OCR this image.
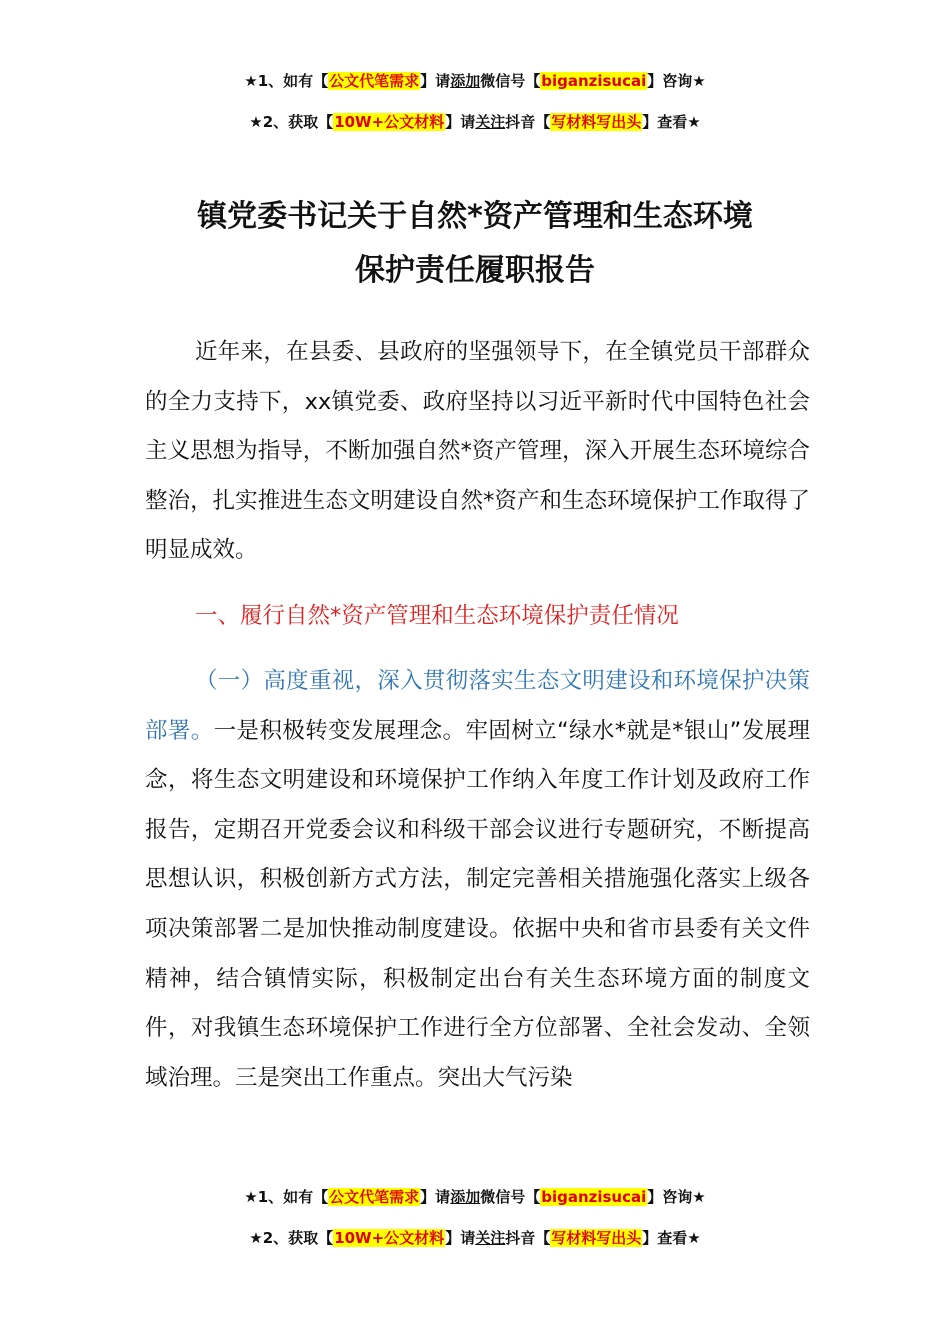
★1、如有【公文代笔需求】请添加微信号【biganzisucai】咨询★
★2、获取【10W+公文材料】请关注抖音【写材料写出头】查看★
镇党委书记关于自然*资产管理和生态环境
保护责任履职报告
近年来，在县委、县政府的坚强领导下，在全镇党员干部群众的全力支持下，xx镇党委、政府坚持以习近平新时代中国特色社会主义思想为指导，不断加强自然*资产管理，深入开展生态环境综合整治，扎实推进生态文明建设自然*资产和生态环境保护工作取得了明显成效。
一、履行自然*资产管理和生态环境保护责任情况
（一）高度重视，深入贯彻落实生态文明建设和环境保护决策部署。一是积极转变发展理念。牢固树立“绿水*就是*银山”发展理念，将生态文明建设和环境保护工作纳入年度工作计划及政府工作报告，定期召开党委会议和科级干部会议进行专题研究，不断提高思想认识，积极创新方式方法，制定完善相关措施强化落实上级各项决策部署二是加快推动制度建设。依据中央和省市县委有关文件精神，结合镇情实际，积极制定出台有关生态环境方面的制度文件，对我镇生态环境保护工作进行全方位部署、全社会发动、全领域治理。三是突出工作重点。突出大气污染
★1、如有【公文代笔需求】请添加微信号【biganzisucai】咨询★
★2、获取【10W+公文材料】请关注抖音【写材料写出头】查看★
